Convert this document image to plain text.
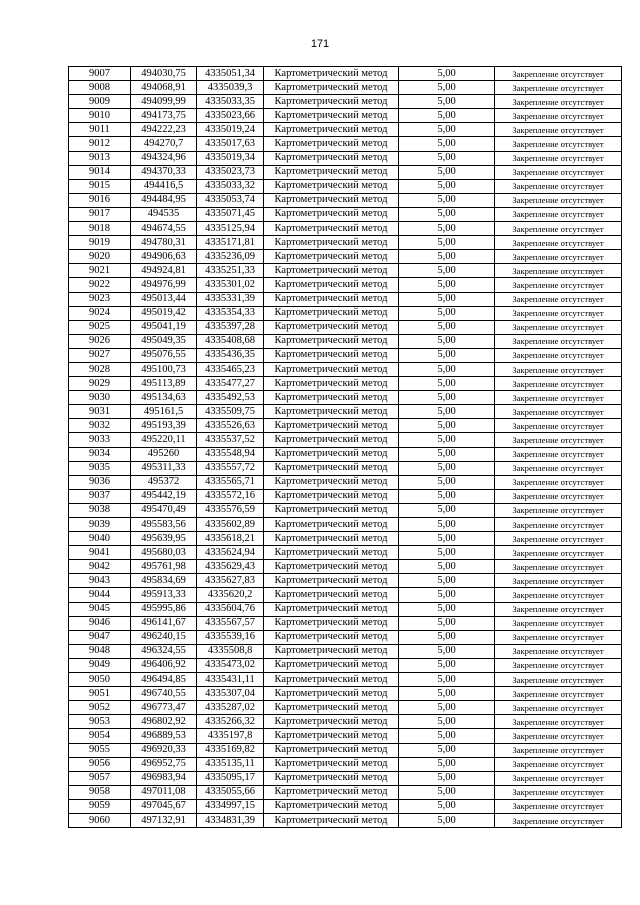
171
9007	494030,75	4335051,34	Картометрический метод	5,00	Закрепление отсутствует
9008	494068,91	4335039,3	Картометрический метод	5,00	Закрепление отсутствует
9009	494099,99	4335033,35	Картометрический метод	5,00	Закрепление отсутствует
9010	494173,75	4335023,66	Картометрический метод	5,00	Закрепление отсутствует
9011	494222,23	4335019,24	Картометрический метод	5,00	Закрепление отсутствует
9012	494270,7	4335017,63	Картометрический метод	5,00	Закрепление отсутствует
9013	494324,96	4335019,34	Картометрический метод	5,00	Закрепление отсутствует
9014	494370,33	4335023,73	Картометрический метод	5,00	Закрепление отсутствует
9015	494416,5	4335033,32	Картометрический метод	5,00	Закрепление отсутствует
9016	494484,95	4335053,74	Картометрический метод	5,00	Закрепление отсутствует
9017	494535	4335071,45	Картометрический метод	5,00	Закрепление отсутствует
9018	494674,55	4335125,94	Картометрический метод	5,00	Закрепление отсутствует
9019	494780,31	4335171,81	Картометрический метод	5,00	Закрепление отсутствует
9020	494906,63	4335236,09	Картометрический метод	5,00	Закрепление отсутствует
9021	494924,81	4335251,33	Картометрический метод	5,00	Закрепление отсутствует
9022	494976,99	4335301,02	Картометрический метод	5,00	Закрепление отсутствует
9023	495013,44	4335331,39	Картометрический метод	5,00	Закрепление отсутствует
9024	495019,42	4335354,33	Картометрический метод	5,00	Закрепление отсутствует
9025	495041,19	4335397,28	Картометрический метод	5,00	Закрепление отсутствует
9026	495049,35	4335408,68	Картометрический метод	5,00	Закрепление отсутствует
9027	495076,55	4335436,35	Картометрический метод	5,00	Закрепление отсутствует
9028	495100,73	4335465,23	Картометрический метод	5,00	Закрепление отсутствует
9029	495113,89	4335477,27	Картометрический метод	5,00	Закрепление отсутствует
9030	495134,63	4335492,53	Картометрический метод	5,00	Закрепление отсутствует
9031	495161,5	4335509,75	Картометрический метод	5,00	Закрепление отсутствует
9032	495193,39	4335526,63	Картометрический метод	5,00	Закрепление отсутствует
9033	495220,11	4335537,52	Картометрический метод	5,00	Закрепление отсутствует
9034	495260	4335548,94	Картометрический метод	5,00	Закрепление отсутствует
9035	495311,33	4335557,72	Картометрический метод	5,00	Закрепление отсутствует
9036	495372	4335565,71	Картометрический метод	5,00	Закрепление отсутствует
9037	495442,19	4335572,16	Картометрический метод	5,00	Закрепление отсутствует
9038	495470,49	4335576,59	Картометрический метод	5,00	Закрепление отсутствует
9039	495583,56	4335602,89	Картометрический метод	5,00	Закрепление отсутствует
9040	495639,95	4335618,21	Картометрический метод	5,00	Закрепление отсутствует
9041	495680,03	4335624,94	Картометрический метод	5,00	Закрепление отсутствует
9042	495761,98	4335629,43	Картометрический метод	5,00	Закрепление отсутствует
9043	495834,69	4335627,83	Картометрический метод	5,00	Закрепление отсутствует
9044	495913,33	4335620,2	Картометрический метод	5,00	Закрепление отсутствует
9045	495995,86	4335604,76	Картометрический метод	5,00	Закрепление отсутствует
9046	496141,67	4335567,57	Картометрический метод	5,00	Закрепление отсутствует
9047	496240,15	4335539,16	Картометрический метод	5,00	Закрепление отсутствует
9048	496324,55	4335508,8	Картометрический метод	5,00	Закрепление отсутствует
9049	496406,92	4335473,02	Картометрический метод	5,00	Закрепление отсутствует
9050	496494,85	4335431,11	Картометрический метод	5,00	Закрепление отсутствует
9051	496740,55	4335307,04	Картометрический метод	5,00	Закрепление отсутствует
9052	496773,47	4335287,02	Картометрический метод	5,00	Закрепление отсутствует
9053	496802,92	4335266,32	Картометрический метод	5,00	Закрепление отсутствует
9054	496889,53	4335197,8	Картометрический метод	5,00	Закрепление отсутствует
9055	496920,33	4335169,82	Картометрический метод	5,00	Закрепление отсутствует
9056	496952,75	4335135,11	Картометрический метод	5,00	Закрепление отсутствует
9057	496983,94	4335095,17	Картометрический метод	5,00	Закрепление отсутствует
9058	497011,08	4335055,66	Картометрический метод	5,00	Закрепление отсутствует
9059	497045,67	4334997,15	Картометрический метод	5,00	Закрепление отсутствует
9060	497132,91	4334831,39	Картометрический метод	5,00	Закрепление отсутствует
